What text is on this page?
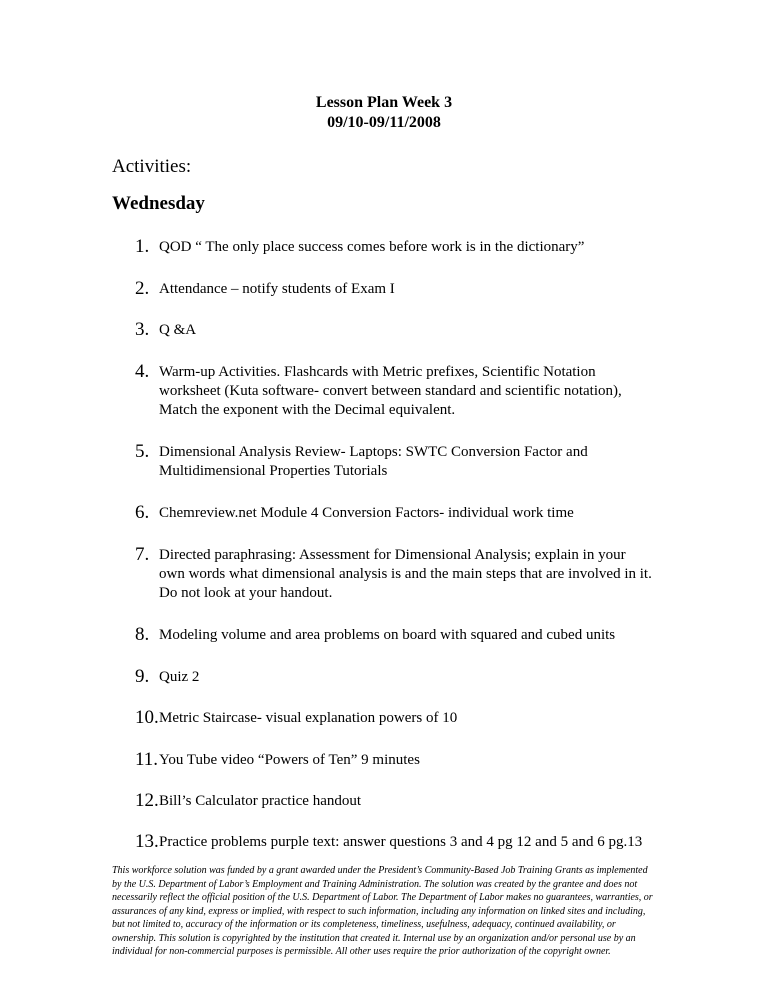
Lesson Plan Week 3
09/10-09/11/2008
Activities:
Wednesday
1. QOD “ The only place success comes before work is in the dictionary”
2. Attendance – notify students of Exam I
3. Q &A
4. Warm-up Activities. Flashcards with Metric prefixes, Scientific Notation worksheet (Kuta software- convert between standard and scientific notation), Match the exponent with the Decimal equivalent.
5. Dimensional Analysis Review- Laptops: SWTC Conversion Factor and Multidimensional Properties Tutorials
6. Chemreview.net Module 4 Conversion Factors- individual work time
7. Directed paraphrasing: Assessment for Dimensional Analysis; explain in your own words what dimensional analysis is and the main steps that are involved in it. Do not look at your handout.
8. Modeling volume and area problems on board with squared and cubed units
9. Quiz 2
10. Metric Staircase- visual explanation powers of 10
11. You Tube video “Powers of Ten” 9 minutes
12. Bill’s Calculator practice handout
13. Practice problems purple text: answer questions 3 and 4 pg 12 and 5 and 6 pg.13
This workforce solution was funded by a grant awarded under the President’s Community-Based Job Training Grants as implemented by the U.S. Department of Labor’s Employment and Training Administration. The solution was created by the grantee and does not necessarily reflect the official position of the U.S. Department of Labor. The Department of Labor makes no guarantees, warranties, or assurances of any kind, express or implied, with respect to such information, including any information on linked sites and including, but not limited to, accuracy of the information or its completeness, timeliness, usefulness, adequacy, continued availability, or ownership. This solution is copyrighted by the institution that created it. Internal use by an organization and/or personal use by an individual for non-commercial purposes is permissible. All other uses require the prior authorization of the copyright owner.
